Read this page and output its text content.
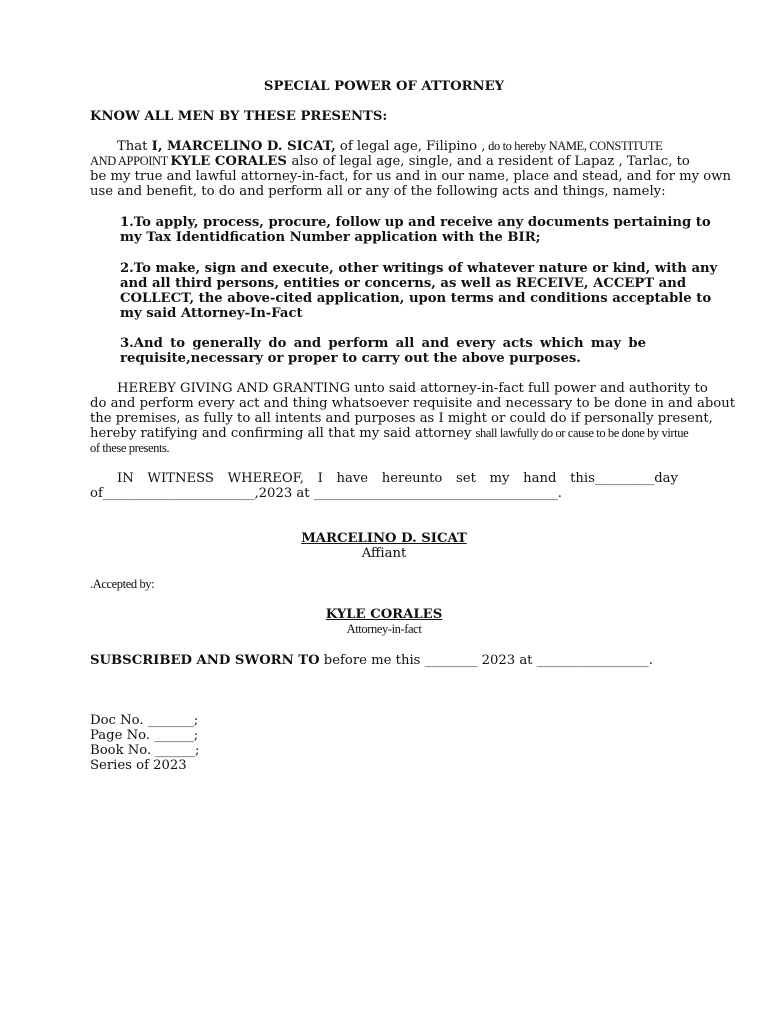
SPECIAL POWER OF ATTORNEY
KNOW ALL MEN BY THESE PRESENTS:
That I, MARCELINO D. SICAT, of legal age, Filipino , do to hereby NAME, CONSTITUTE
AND APPOINT KYLE CORALES also of legal age, single, and a resident of Lapaz , Tarlac, to
be my true and lawful attorney-in-fact, for us and in our name, place and stead, and for my own
use and benefit, to do and perform all or any of the following acts and things, namely:
1.To apply, process, procure, follow up and receive any documents pertaining to
my Tax Identidfication Number application with the BIR;
2.To make, sign and execute, other writings of whatever nature or kind, with any
and all third persons, entities or concerns, as well as RECEIVE, ACCEPT and
COLLECT, the above-cited application, upon terms and conditions acceptable to
my said Attorney-In-Fact
3.And to generally do and perform all and every acts which may be
requisite,necessary or proper to carry out the above purposes.
HEREBY GIVING AND GRANTING unto said attorney-in-fact full power and authority to
do and perform every act and thing whatsoever requisite and necessary to be done in and about
the premises, as fully to all intents and purposes as I might or could do if personally present,
hereby ratifying and confirming all that my said attorney shall lawfully do or cause to be done by virtue
of these presents.
IN WITNESS WHEREOF, I have hereunto set my hand this_________day
of_______________________,2023 at _____________________________________.
MARCELINO D. SICAT
Affiant
.Accepted by:
KYLE CORALES
Attorney-in-fact
SUBSCRIBED AND SWORN TO before me this ________ 2023 at _________________.
Doc No. _______;
Page No. ______;
Book No. ______;
Series of 2023
